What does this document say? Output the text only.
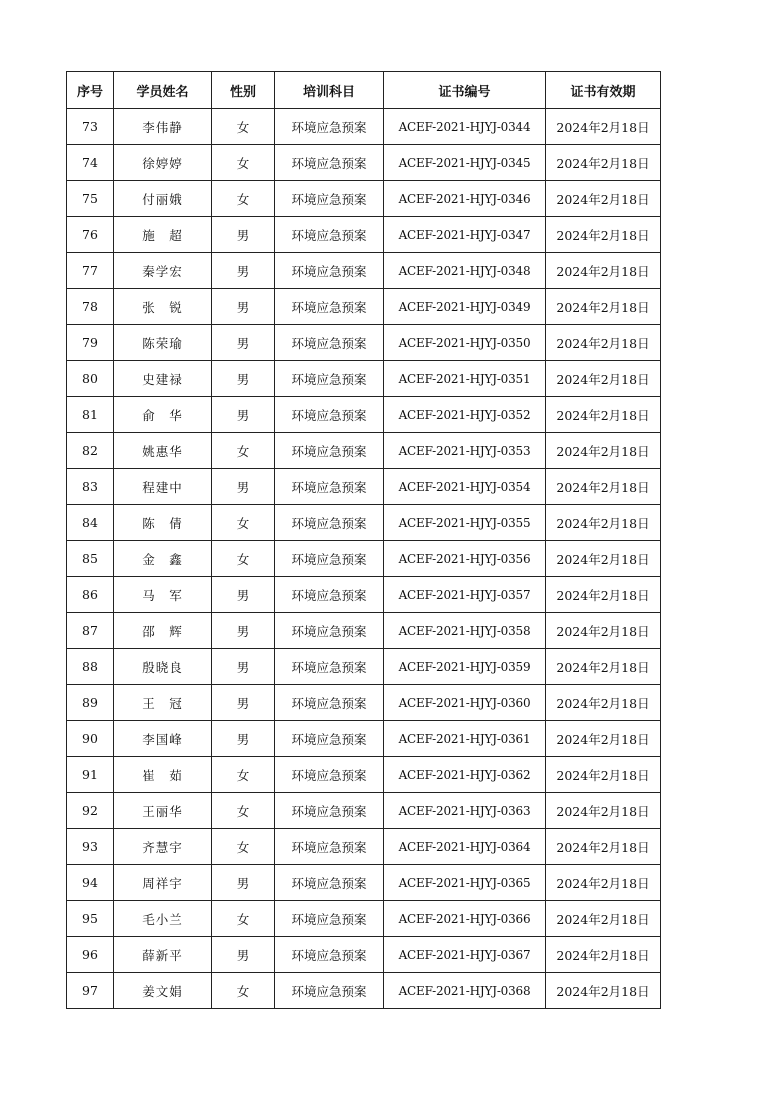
序号	学员姓名	性别	培训科目	证书编号	证书有效期
73	李伟静	女	环境应急预案	ACEF-2021-HJYJ-0344	2024年2月18日
74	徐婷婷	女	环境应急预案	ACEF-2021-HJYJ-0345	2024年2月18日
75	付丽娥	女	环境应急预案	ACEF-2021-HJYJ-0346	2024年2月18日
76	施　超	男	环境应急预案	ACEF-2021-HJYJ-0347	2024年2月18日
77	秦学宏	男	环境应急预案	ACEF-2021-HJYJ-0348	2024年2月18日
78	张　锐	男	环境应急预案	ACEF-2021-HJYJ-0349	2024年2月18日
79	陈荣瑜	男	环境应急预案	ACEF-2021-HJYJ-0350	2024年2月18日
80	史建禄	男	环境应急预案	ACEF-2021-HJYJ-0351	2024年2月18日
81	俞　华	男	环境应急预案	ACEF-2021-HJYJ-0352	2024年2月18日
82	姚惠华	女	环境应急预案	ACEF-2021-HJYJ-0353	2024年2月18日
83	程建中	男	环境应急预案	ACEF-2021-HJYJ-0354	2024年2月18日
84	陈　倩	女	环境应急预案	ACEF-2021-HJYJ-0355	2024年2月18日
85	金　鑫	女	环境应急预案	ACEF-2021-HJYJ-0356	2024年2月18日
86	马　军	男	环境应急预案	ACEF-2021-HJYJ-0357	2024年2月18日
87	邵　辉	男	环境应急预案	ACEF-2021-HJYJ-0358	2024年2月18日
88	殷晓良	男	环境应急预案	ACEF-2021-HJYJ-0359	2024年2月18日
89	王　冠	男	环境应急预案	ACEF-2021-HJYJ-0360	2024年2月18日
90	李国峰	男	环境应急预案	ACEF-2021-HJYJ-0361	2024年2月18日
91	崔　茹	女	环境应急预案	ACEF-2021-HJYJ-0362	2024年2月18日
92	王丽华	女	环境应急预案	ACEF-2021-HJYJ-0363	2024年2月18日
93	齐慧宇	女	环境应急预案	ACEF-2021-HJYJ-0364	2024年2月18日
94	周祥宇	男	环境应急预案	ACEF-2021-HJYJ-0365	2024年2月18日
95	毛小兰	女	环境应急预案	ACEF-2021-HJYJ-0366	2024年2月18日
96	薛新平	男	环境应急预案	ACEF-2021-HJYJ-0367	2024年2月18日
97	姜文娟	女	环境应急预案	ACEF-2021-HJYJ-0368	2024年2月18日
